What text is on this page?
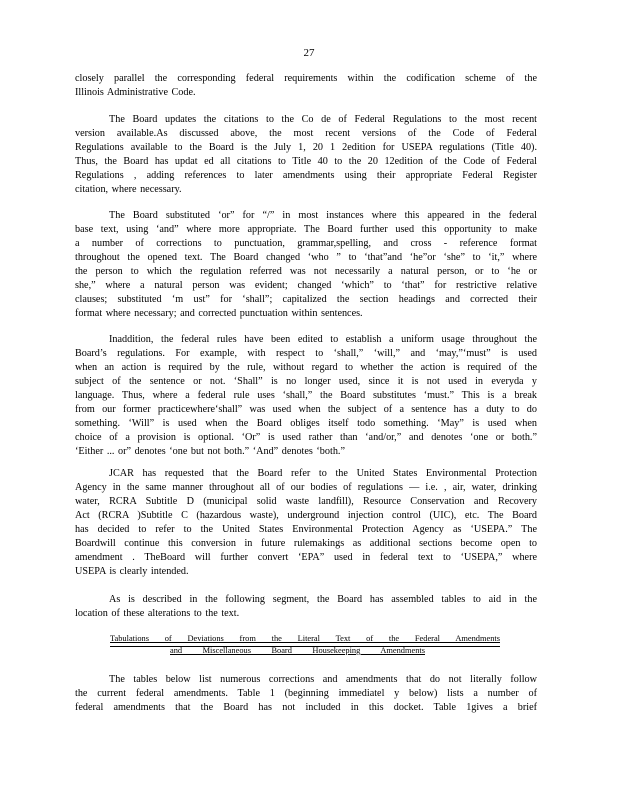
27
closely parallel the corresponding federal requirements within the codification scheme of the
Illinois Administrative Code.
The Board updates the citations to the Co de of Federal Regulations to the most recent
version available.As discussed above, the most recent versions of the Code of Federal
Regulations available to the Board is the July 1, 20 1 2edition for USEPA regulations (Title 40).
Thus, the Board has updat ed all citations to Title 40 to the 20 12edition of the Code of Federal
Regulations , adding references to later amendments using their appropriate Federal Register
citation, where necessary.
The Board substituted ‘or” for “/” in most instances where this appeared in the federal
base text, using ‘and” where more appropriate. The Board further used this opportunity to make
a number of corrections to punctuation, grammar,spelling, and cross - reference format
throughout the opened text. The Board changed ‘who ” to ‘that”and ‘he”or ‘she” to ‘it,” where
the person to which the regulation referred was not necessarily a natural person, or to ‘he or
she,” where a natural person was evident; changed ‘which” to ‘that” for restrictive relative
clauses; substituted ‘m ust” for ‘shall”; capitalized the section headings and corrected their
format where necessary; and corrected punctuation within sentences.
Inaddition, the federal rules have been edited to establish a uniform usage throughout the
Board’s regulations. For example, with respect to ‘shall,” ‘will,” and ‘may,”‘must” is used
when an action is required by the rule, without regard to whether the action is required of the
subject of the sentence or not. ‘Shall” is no longer used, since it is not used in everyda y
language. Thus, where a federal rule uses ‘shall,” the Board substitutes ‘must.” This is a break
from our former practicewhere‘shall” was used when the subject of a sentence has a duty to do
something. ‘Will” is used when the Board obliges itself todo something. ‘May” is used when
choice of a provision is optional. ‘Or” is used rather than ‘and/or,” and denotes ‘one or both.”
‘Either ... or” denotes ‘one but not both.” ‘And” denotes ‘both.”
JCAR has requested that the Board refer to the United States Environmental Protection
Agency in the same manner throughout all of our bodies of regulations — i.e. , air, water, drinking
water, RCRA Subtitle D (municipal solid waste landfill), Resource Conservation and Recovery
Act (RCRA )Subtitle C (hazardous waste), underground injection control (UIC), etc. The Board
has decided to refer to the United States Environmental Protection Agency as ‘USEPA.” The
Boardwill continue this conversion in future rulemakings as additional sections become open to
amendment . TheBoard will further convert ‘EPA” used in federal text to ‘USEPA,” where
USEPA is clearly intended.
As is described in the following segment, the Board has assembled tables to aid in the
location of these alterations to the text.
Tabulations of Deviations from the Literal Text of the Federal Amendments
and Miscellaneous Board Housekeeping Amendments
The tables below list numerous corrections and amendments that do not literally follow
the current federal amendments. Table 1 (beginning immediatel y below) lists a number of
federal amendments that the Board has not included in this docket. Table 1gives a brief
